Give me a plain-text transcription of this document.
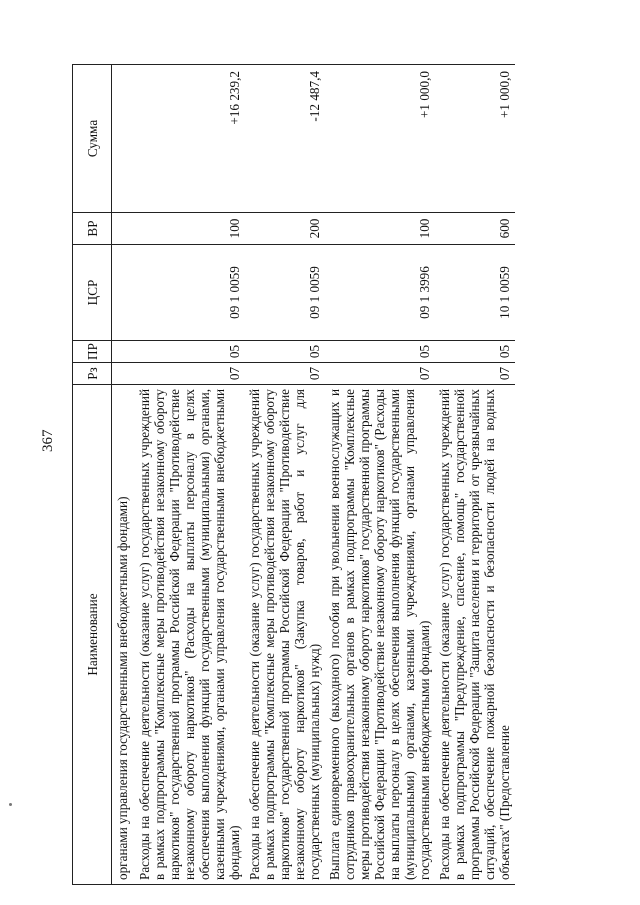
367
Наименование	Рз	ПР	ЦСР	ВР	Сумма
органами управления государственными внебюджетными фондами)					
Расходы на обеспечение деятельности (оказание услуг) государственных учреждений в рамках подпрограммы "Комплексные меры противодействия незаконному обороту наркотиков" государственной программы Российской Федерации "Противодействие незаконному обороту наркотиков" (Расходы на выплаты персоналу в целях обеспечения выполнения функций государственными (муниципальными) органами, казенными учреждениями, органами управления государственными внебюджетными фондами)	07	05	09 1 0059	100	+16 239,2
Расходы на обеспечение деятельности (оказание услуг) государственных учреждений в рамках подпрограммы "Комплексные меры противодействия незаконному обороту наркотиков" государственной программы Российской Федерации "Противодействие незаконному обороту наркотиков" (Закупка товаров, работ и услуг для государственных (муниципальных) нужд)	07	05	09 1 0059	200	-12 487,4
Выплата единовременного (выходного) пособия при увольнении военнослужащих и сотрудников правоохранительных органов в рамках подпрограммы "Комплексные меры противодействия незаконному обороту наркотиков" государственной программы Российской Федерации "Противодействие незаконному обороту наркотиков" (Расходы на выплаты персоналу в целях обеспечения выполнения функций государственными (муниципальными) органами, казенными учреждениями, органами управления государственными внебюджетными фондами)	07	05	09 1 3996	100	+1 000,0
Расходы на обеспечение деятельности (оказание услуг) государственных учреждений в рамках подпрограммы "Предупреждение, спасение, помощь" государственной программы Российской Федерации "Защита населения и территорий от чрезвычайных ситуаций, обеспечение пожарной безопасности и безопасности людей на водных объектах" (Предоставление	07	05	10 1 0059	600	+1 000,0
